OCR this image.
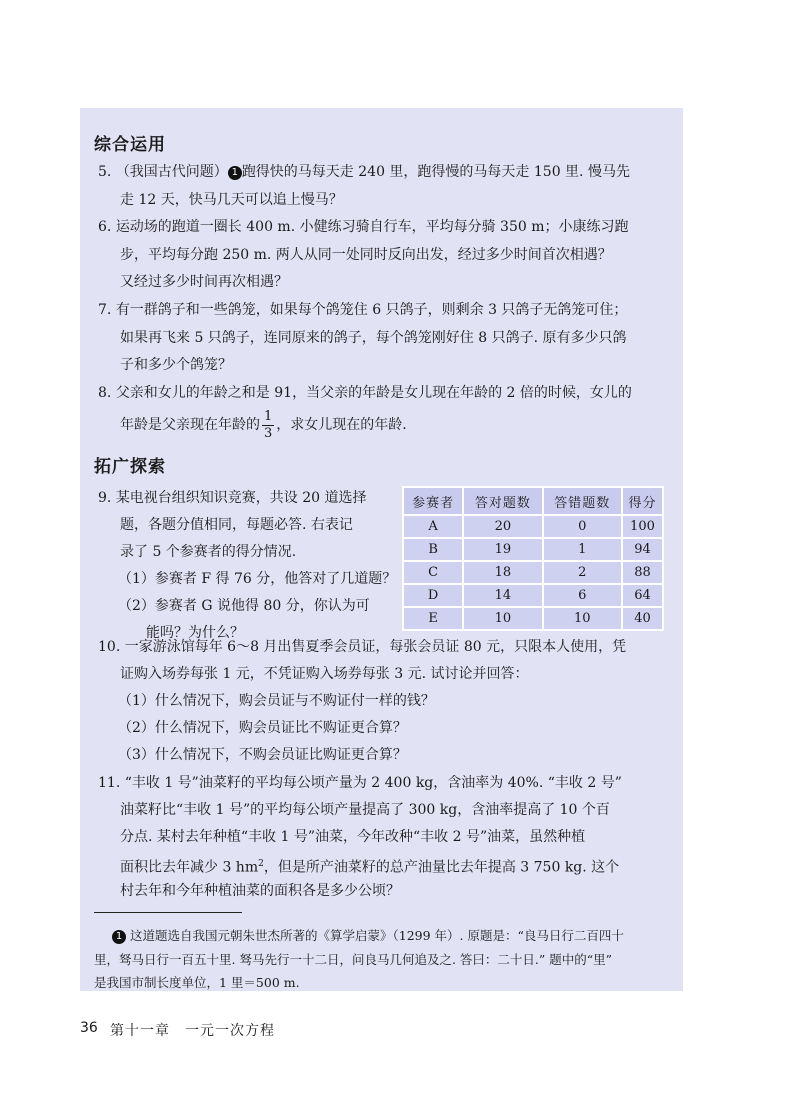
综合运用
5. （我国古代问题） 1 跑得快的马每天走 240 里，跑得慢的马每天走 150 里. 慢马先
走 12 天，快马几天可以追上慢马？
6. 运动场的跑道一圈长 400 m. 小健练习骑自行车，平均每分骑 350 m；小康练习跑
步，平均每分跑 250 m. 两人从同一处同时反向出发，经过多少时间首次相遇？
又经过多少时间再次相遇？
7. 有一群鸽子和一些鸽笼，如果每个鸽笼住 6 只鸽子，则剩余 3 只鸽子无鸽笼可住；
如果再飞来 5 只鸽子，连同原来的鸽子，每个鸽笼刚好住 8 只鸽子. 原有多少只鸽
子和多少个鸽笼？
8. 父亲和女儿的年龄之和是 91，当父亲的年龄是女儿现在年龄的 2 倍的时候，女儿的
年龄是父亲现在年龄的 $\frac{1}{3}$ ，求女儿现在的年龄.
拓广探索
9. 某电视台组织知识竞赛，共设 20 道选择
题，各题分值相同，每题必答. 右表记
录了 5 个参赛者的得分情况.
（1）参赛者 F 得 76 分，他答对了几道题？
（2）参赛者 G 说他得 80 分，你认为可
能吗？为什么？
参赛者	答对题数	答错题数	得分
A	20	0	100
B	19	1	94
C	18	2	88
D	14	6	64
E	10	10	40
10. 一家游泳馆每年 6～8 月出售夏季会员证，每张会员证 80 元，只限本人使用，凭
证购入场券每张 1 元，不凭证购入场券每张 3 元. 试讨论并回答：
（1）什么情况下，购会员证与不购证付一样的钱？
（2）什么情况下，购会员证比不购证更合算？
（3）什么情况下，不购会员证比购证更合算？
11. “丰收 1 号”油菜籽的平均每公顷产量为 2 400 kg，含油率为 40%. “丰收 2 号”
油菜籽比“丰收 1 号”的平均每公顷产量提高了 300 kg，含油率提高了 10 个百
分点. 某村去年种植“丰收 1 号”油菜，今年改种“丰收 2 号”油菜，虽然种植
面积比去年减少 3 $hm^2$，但是所产油菜籽的总产油量比去年提高 3 750 kg. 这个
村去年和今年种植油菜的面积各是多少公顷？
1 这道题选自我国元朝朱世杰所著的《算学启蒙》（1299 年）. 原题是：“良马日行二百四十
里，驽马日行一百五十里. 驽马先行一十二日，问良马几何追及之. 答曰：二十日.” 题中的“里”
是我国市制长度单位，1 里＝500 m.
36 第十一章　一元一次方程
